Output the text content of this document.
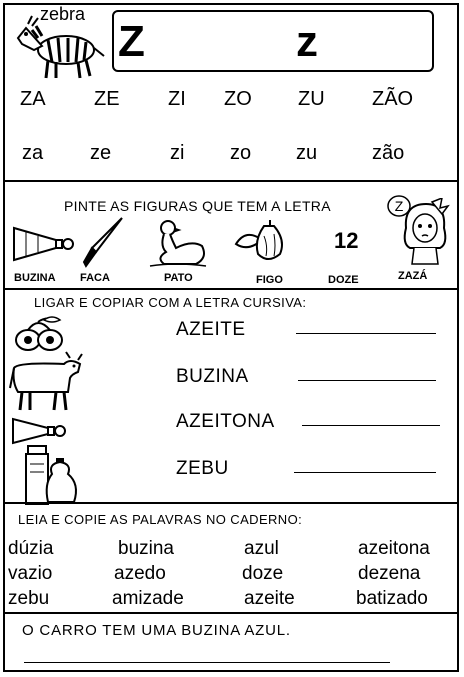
zebra
Z	z
ZA ZE ZI ZO ZU ZÃO
za ze	zi zo zu	zão
PINTE AS FIGURAS QUE TEM A LETRA	Z
12
BUZINA FACA	PATO	FIGO	DOZE	ZAZÁ
LIGAR E COPIAR COM A LETRA CURSIVA:
AZEITE
BUZINA
AZEITONA
ZEBU
LEIA E COPIE AS PALAVRAS NO CADERNO:
dúzia	buzina	azul	azeitona
vazio	azedo	doze	dezena
zebu	amizade	azeite	batizado
O CARRO TEM UMA BUZINA AZUL.
